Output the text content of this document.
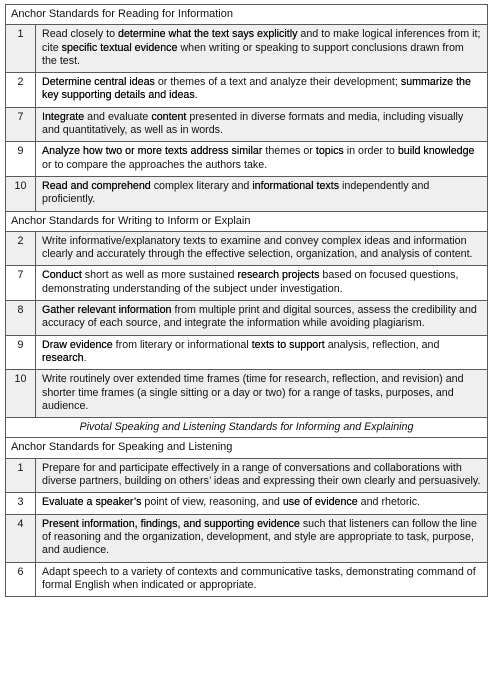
Anchor Standards for Reading for Information	

1	Read closely to determine what the text says explicitly and to make logical inferences from it; cite specific textual evidence when writing or speaking to support conclusions drawn from the test.

2	Determine central ideas or themes of a text and analyze their development; summarize the key supporting details and ideas.

7	Integrate and evaluate content presented in diverse formats and media, including visually and quantitatively, as well as in words.

9	Analyze how two or more texts address similar themes or topics in order to build knowledge or to compare the approaches the authors take.

10	Read and comprehend complex literary and informational texts independently and proficiently.

Anchor Standards for Writing to Inform or Explain	

2	Write informative/explanatory texts to examine and convey complex ideas and information clearly and accurately through the effective selection, organization, and analysis of content.

7	Conduct short as well as more sustained research projects based on focused questions, demonstrating understanding of the subject under investigation.

8	Gather relevant information from multiple print and digital sources, assess the credibility and accuracy of each source, and integrate the information while avoiding plagiarism.

9	Draw evidence from literary or informational texts to support analysis, reflection, and research.

10	Write routinely over extended time frames (time for research, reflection, and revision) and shorter time frames (a single sitting or a day or two) for a range of tasks, purposes, and audience.

Pivotal Speaking and Listening Standards for Informing and Explaining	
Anchor Standards for Speaking and Listening	

1	Prepare for and participate effectively in a range of conversations and collaborations with diverse partners, building on others’ ideas and expressing their own clearly and persuasively.

3	Evaluate a speaker’s point of view, reasoning, and use of evidence and rhetoric.

4	Present information, findings, and supporting evidence such that listeners can follow the line of reasoning and the organization, development, and style are appropriate to task, purpose, and audience.

6	Adapt speech to a variety of contexts and communicative tasks, demonstrating command of formal English when indicated or appropriate.
